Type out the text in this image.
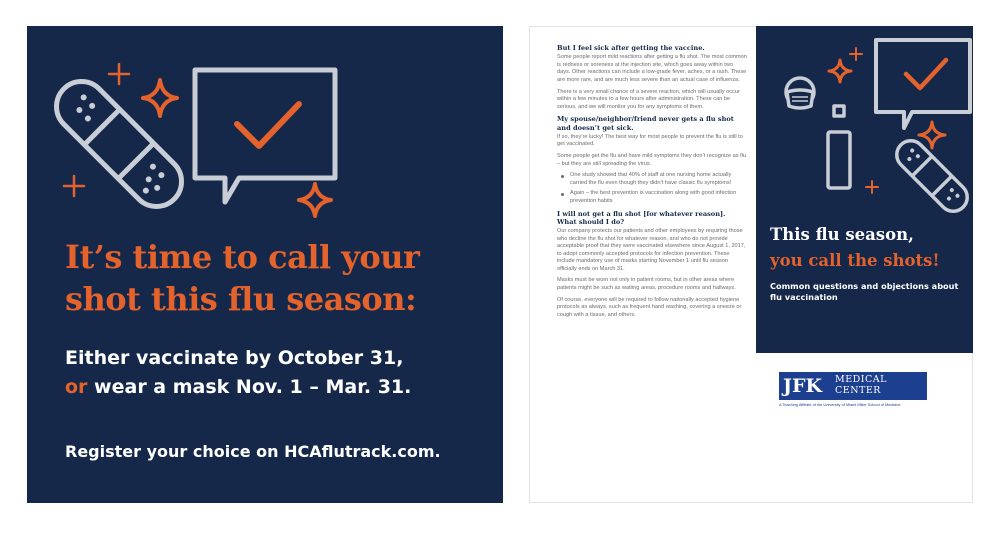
It’s time to call your
shot this flu season:
Either vaccinate by October 31,
or wear a mask Nov. 1 – Mar. 31.
Register your choice on HCAflutrack.com.
But I feel sick after getting the vaccine.

Some people report mild reactions after getting a flu shot. The most common is redness or soreness at the injection site, which goes away within two days. Other reactions can include a low-grade fever, aches, or a rash. These are more rare, and are much less severe than an actual case of influenza.

There is a very small chance of a severe reaction, which will usually occur within a few minutes to a few hours after administration. These can be serious, and we will monitor you for any symptoms of them.

My spouse/neighbor/friend never gets a flu shot and doesn’t get sick.

If so, they’re lucky! The best way for most people to prevent the flu is still to get vaccinated.

Some people get the flu and have mild symptoms they don’t recognize as flu – but they are still spreading the virus.

One study showed that 40% of staff at one nursing home actually carried the flu even though they didn’t have classic flu symptoms!
Again – the best prevention is vaccination along with good infection prevention habits
I will not get a flu shot [for whatever reason]. What should I do?

Our company protects our patients and other employees by requiring those who decline the flu shot for whatever reason, and who do not provide acceptable proof that they were vaccinated elsewhere since August 1, 2017, to adopt commonly accepted protocols for infection prevention. These include mandatory use of masks starting November 1 until flu season officially ends on March 31.

Masks must be worn not only in patient rooms, but in other areas where patients might be such as waiting areas, procedure rooms and hallways.

Of course, everyone will be required to follow nationally accepted hygiene protocols as always, such as frequent hand washing, covering a sneeze or cough with a tissue, and others.

This flu season,
you call the shots!
Common questions and objections about flu vaccination
JFK MEDICAL
CENTER
A Teaching Affiliate of the University of Miami Miller School of Medicine
